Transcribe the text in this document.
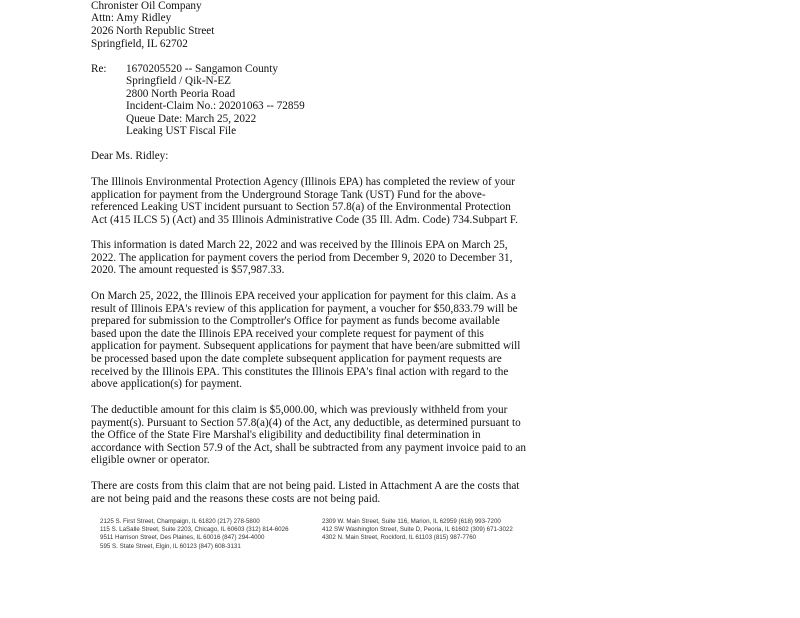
Chronister Oil Company
Attn: Amy Ridley
2026 North Republic Street
Springfield, IL 62702
Re: 1670205520 -- Sangamon County
Springfield / Qik-N-EZ
2800 North Peoria Road
Incident-Claim No.: 20201063 -- 72859
Queue Date: March 25, 2022
Leaking UST Fiscal File
Dear Ms. Ridley:
The Illinois Environmental Protection Agency (Illinois EPA) has completed the review of your
application for payment from the Underground Storage Tank (UST) Fund for the above-
referenced Leaking UST incident pursuant to Section 57.8(a) of the Environmental Protection
Act (415 ILCS 5) (Act) and 35 Illinois Administrative Code (35 Ill. Adm. Code) 734.Subpart F.
This information is dated March 22, 2022 and was received by the Illinois EPA on March 25,
2022. The application for payment covers the period from December 9, 2020 to December 31,
2020. The amount requested is $57,987.33.
On March 25, 2022, the Illinois EPA received your application for payment for this claim. As a
result of Illinois EPA's review of this application for payment, a voucher for $50,833.79 will be
prepared for submission to the Comptroller's Office for payment as funds become available
based upon the date the Illinois EPA received your complete request for payment of this
application for payment. Subsequent applications for payment that have been/are submitted will
be processed based upon the date complete subsequent application for payment requests are
received by the Illinois EPA. This constitutes the Illinois EPA's final action with regard to the
above application(s) for payment.
The deductible amount for this claim is $5,000.00, which was previously withheld from your
payment(s). Pursuant to Section 57.8(a)(4) of the Act, any deductible, as determined pursuant to
the Office of the State Fire Marshal's eligibility and deductibility final determination in
accordance with Section 57.9 of the Act, shall be subtracted from any payment invoice paid to an
eligible owner or operator.
There are costs from this claim that are not being paid. Listed in Attachment A are the costs that
are not being paid and the reasons these costs are not being paid.
2125 S. First Street, Champaign, IL 61820 (217) 278-5800
115 S. LaSalle Street, Suite 2203, Chicago, IL 60603 (312) 814-6026
9511 Harrison Street, Des Plaines, IL 60016 (847) 294-4000
595 S. State Street, Elgin, IL 60123 (847) 608-3131
2309 W. Main Street, Suite 116, Marion, IL 62959 (618) 993-7200
412 SW Washington Street, Suite D, Peoria, IL 61602 (309) 671-3022
4302 N. Main Street, Rockford, IL 61103 (815) 987-7760
